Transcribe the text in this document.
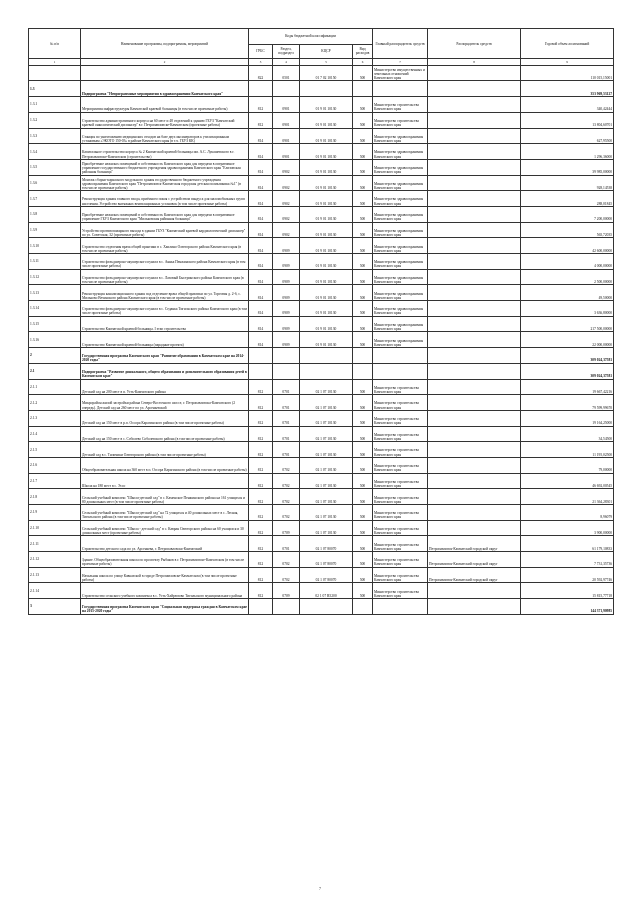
№ п/п	Наименование программы, подпрограммы, мероприятий	Коды бюджетной классификации				Главный распорядитель средств	Распорядитель средств	Годовой объем ассигнований
		ГРБС	Раздел, подраздел	КЦСР	Вид расходов			
1	2	3	4	5	6	7	8	9
		822	0501	01 7 02 10150	500	Министерство имущественных и земельных отношений Камчатского края		110 015,15001
1.3	Подпрограмма "Непрограммные мероприятия в здравоохранении Камчатского края"							353 969,53127
1.3.1	Мероприятия инфраструктуры Камчатской краевой больницы (в том числе проектные работы)	812	0901	01 9 01 10130	500	Министерство строительства Камчатского края		340,42444
1.3.2	Строительство административного корпуса на 60 мест и 48 отделений к зданию ГБУЗ "Камчатский краевой онкологический диспансер" в г. Петропавловске-Камчатском (проектные работы)	812	0901	01 9 01 10130	500	Министерство строительства Камчатского края		13 804,60701
1.3.3	Станция по уничтожению медицинских отходов на базе двух инсинераторов к утилизационным установкам «ЭКОТО 150-03» в районе Камчатского края (в т.ч. ГБУЗ КК)	814	0901	01 9 01 10130	500	Министерство здравоохранения Камчатского края		627,95500
1.3.4	Капитальное строительство корпуса № 2 Камчатской краевой больницы им. А.С. Лукашевского в г. Петропавловске-Камчатском (строительство)	814	0901	01 9 01 10130	500	Министерство здравоохранения Камчатского края		1 296,36000
1.3.5	Приобретение нежилых помещений в собственность Камчатского края для передачи в оперативное управление государственного бюджетного учреждения здравоохранения Камчатского края "Елизовская районная больница"	814	0902	01 9 01 10130	500	Министерство здравоохранения Камчатского края		39 985,00000
1.3.6	Монтаж сборно-каркасного модульного здания государственного бюджетного учреждения здравоохранения Камчатского края "Петропавловск-Камчатская городская детская поликлиника №1" (в том числе проектные работы)	814	0902	01 9 01 10130	500	Министерство здравоохранения Камчатского края		928,14538
1.3.7	Реконструкция здания главного входа, приёмного покоя с устройством пандуса для маломобильных групп населения. Устройство вытяжных вентиляционных установок (в том числе проектные работы)	814	0902	01 9 01 10130	500	Министерство здравоохранения Камчатского края		288,01845
1.3.8	Приобретение нежилых помещений в собственность Камчатского края для передачи в оперативное управление ГБУЗ Камчатского края "Мильковская районная больница"	814	0902	01 9 01 10130	500	Министерство здравоохранения Камчатского края		7 200,00000
1.3.9	Устройство противопожарного выхода в здании ГБУЗ "Камчатский краевой кардиологический диспансер" по ул. Советская, 32 (проектные работы)	814	0902	01 9 01 10130	500	Министерство здравоохранения Камчатского края		565,72035
1.3.10	Строительство отделения врача общей практики в с. Хаилино Олюторского района Камчатского края (в том числе проектные работы)	814	0909	01 9 01 10130	500	Министерство здравоохранения Камчатского края		42 600,00000
1.3.11	Строительство фельдшерско-акушерского пункта в с. Аянка Пенжинского района Камчатского края (в том числе проектные работы)	814	0909	01 9 01 10130	500	Министерство здравоохранения Камчатского края		4 000,00000
1.3.12	Строительство фельдшерско-акушерского пункта в с. Лазовый Быстринского района Камчатского края (в том числе проектные работы)	814	0909	01 9 01 10130	500	Министерство здравоохранения Камчатского края		2 500,00000
1.3.13	Реконструкция канализационного здания под отделение врача общей практики по ул. Торговая д. 2-б, с. Мильково Вечинского района Камчатского края (в том числе проектные работы)	814	0909	01 9 01 10130	500	Министерство здравоохранения Камчатского края		49,50000
1.3.14	Строительство фельдшерско-акушерского пункта в с. Седанка Тигильского района Камчатского края (в том числе проектные работы)	814	0909	01 9 01 10130	500	Министерство здравоохранения Камчатского края		3 636,80000
1.3.15	Строительство Камчатской краевой больницы. I этап строительства	814	0909	01 9 01 10130	500	Министерство здравоохранения Камчатского края		217 500,00000
1.3.16	Строительство Камчатской краевой больницы (парадные проекта)	814	0909	01 9 01 10130	500	Министерство здравоохранения Камчатского края		22 000,00000
2	Государственная программа Камчатского края "Развитие образования в Камчатском крае на 2014-2020 годы"							309 024,37581
2.1	Подпрограмма "Развитие дошкольного, общего образования и дополнительного образования детей в Камчатском крае"							309 024,37581
2.1.1	Детский сад на 200 мест в п. Усть-Камчатского района	812	0701	02 1 07 10130	500	Министерство строительства Камчатского края		19 667,42216
2.1.2	Микрорайон жилой застройки района Северо-Восточного шоссе, г. Петропавловска-Камчатского (2 очередь). Детский сад на 260 мест по ул. Арсеньевской	812	0701	02 1 07 10130	500	Министерство строительства Камчатского края		79 599,99670
2.1.3	Детский сад на 150 мест в р.п. Оссора Карагинского района (в том числе проектные работы)	812	0701	02 1 07 10130	500	Министерство строительства Камчатского края		19 164,25000
2.1.4	Детский сад на 150 мест в с. Соболево Соболевского района (в том числе проектные работы)	812	0701	02 1 07 10130	500	Министерство строительства Камчатского края		34,54500
2.1.5	Детский сад в с. Тиличики Олюторского района (в том числе проектные работы)	812	0701	02 1 07 10130	500	Министерство строительства Камчатского края		11 195,02500
2.1.6	Общеобразовательная школа на 360 мест в п. Оссора Карагинского района (в том числе проектные работы)	812	0702	02 1 07 10130	500	Министерство строительства Камчатского края		79,00000
2.1.7	Школа на 180 мест в с. Эссо	812	0702	02 1 07 10130	500	Министерство строительства Камчатского края		46 692,00545
2.1.8	Сельский учебный комплекс "Школа-детский сад" в с. Каменское Пенжинского района на 161 учащихся и 80 дошкольных мест (в том числе проектные работы)	812	0702	02 1 07 10130	500	Министерство строительства Камчатского края		21 364,28301
2.1.9	Сельский учебный комплекс "Школа-детский сад" на 72 учащихся и 40 дошкольных мест в с. Лесная, Тигильского района (в том числе проектные работы)	812	0702	02 1 07 10130	500	Министерство строительства Камчатского края		8,96079
2.1.10	Сельский учебный комплекс "Школа - детский сад" в с. Кавран Олюторского района на 60 учащихся и 30 дошкольных мест (проектные работы)	812	0709	02 1 07 10130	500	Министерство строительства Камчатского края		3 900,00000
2.1.11	Строительство детского сада по ул. Арсеньева, г. Петропавловска-Камчатский	812	0701	02 1 07 80070	500	Министерство строительства Камчатского края	Петропавловск-Камчатский городской округ	61 179,10833
2.1.12	Здание. Общеобразовательная школа по проспекту Рыбаков в г. Петропавловске-Камчатском (в том числе проектные работы)	812	0702	02 1 07 80070	500	Министерство строительства Камчатского края	Петропавловск-Камчатский городской округ	7 731,35736
2.1.13	Начальная школа по улице Кавказской в городе Петропавловске-Камчатском (в том числе проектные работы)	812	0702	02 1 07 80070	500	Министерство строительства Камчатского края	Петропавловск-Камчатский городской округ	20 592,97746
2.1.14	Строительство сельского учебного комплекса в с. Усть-Хайрюзово Тигильского муниципального района	812	0709	02 1 07 R5200	500	Министерство строительства Камчатского края		15 815,77718
3	Государственная программа Камчатского края "Социальная поддержка граждан в Камчатском крае на 2015-2020 годы"							144 371,90985
7
